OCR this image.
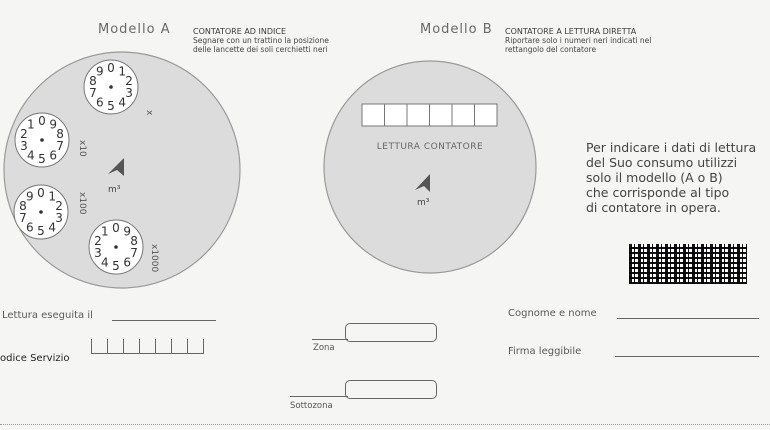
Modello A	CONTATORE AD INDICE
Segnare con un trattino la posizione delle lancette dei soli cerchietti neri
Modello B CONTATORE A LETTURA DIRETTA
Riportare solo i numeri neri indicati nel rettangolo del contatore
0 1
2
3
4
5
6
7
8
9
x
0
1
2
3
4 5 6
7
8
9
x10
0 1
2
3
4
5
6
7
8
9	x100
0
1
2
3
4 5 6
7
8
9
x1000
m³
LETTURA CONTATORE
m³
Per indicare i dati di lettura
del Suo consumo utilizzi
solo il modello (A o B)
che corrisponde al tipo
di contatore in opera.
Lettura eseguita il
odice Servizio
Zona
Sottozona
Cognome e nome
Firma leggibile
